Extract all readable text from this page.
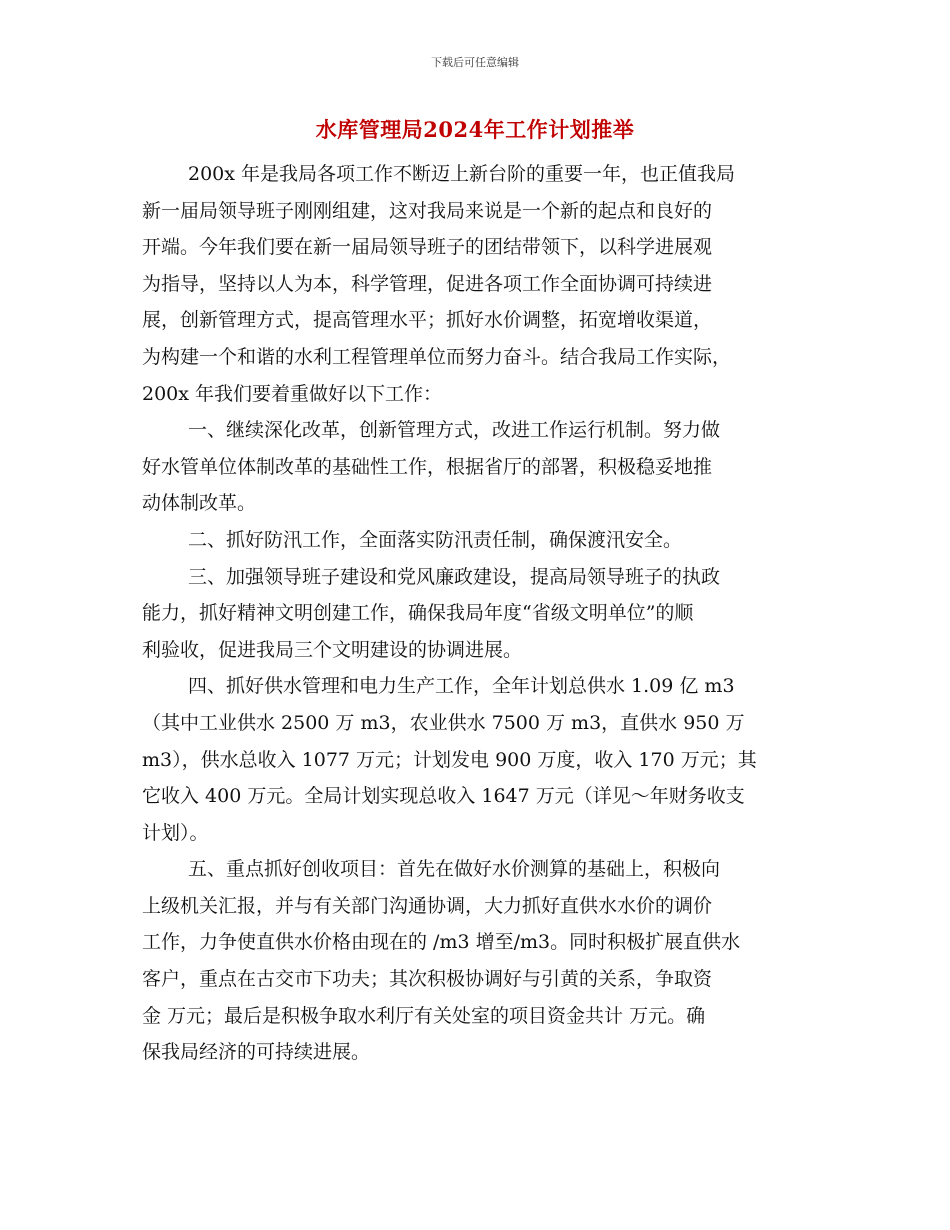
下载后可任意编辑
水库管理局2024年工作计划推举
200x 年是我局各项工作不断迈上新台阶的重要一年，也正值我局
新一届局领导班子刚刚组建，这对我局来说是一个新的起点和良好的
开端。今年我们要在新一届局领导班子的团结带领下，以科学进展观
为指导，坚持以人为本，科学管理，促进各项工作全面协调可持续进
展，创新管理方式，提高管理水平；抓好水价调整，拓宽增收渠道，
为构建一个和谐的水利工程管理单位而努力奋斗。结合我局工作实际，
200x 年我们要着重做好以下工作：
一、继续深化改革，创新管理方式，改进工作运行机制。努力做
好水管单位体制改革的基础性工作，根据省厅的部署，积极稳妥地推
动体制改革。
二、抓好防汛工作，全面落实防汛责任制，确保渡汛安全。
三、加强领导班子建设和党风廉政建设，提高局领导班子的执政
能力，抓好精神文明创建工作，确保我局年度“省级文明单位”的顺
利验收，促进我局三个文明建设的协调进展。
四、抓好供水管理和电力生产工作，全年计划总供水 1.09 亿 m3
（其中工业供水 2500 万 m3，农业供水 7500 万 m3，直供水 950 万
m3），供水总收入 1077 万元；计划发电 900 万度，收入 170 万元；其
它收入 400 万元。全局计划实现总收入 1647 万元（详见～年财务收支
计划）。
五、重点抓好创收项目：首先在做好水价测算的基础上，积极向
上级机关汇报，并与有关部门沟通协调，大力抓好直供水水价的调价
工作，力争使直供水价格由现在的 /m3 增至/m3。同时积极扩展直供水
客户，重点在古交市下功夫；其次积极协调好与引黄的关系，争取资
金 万元；最后是积极争取水利厅有关处室的项目资金共计 万元。确
保我局经济的可持续进展。
